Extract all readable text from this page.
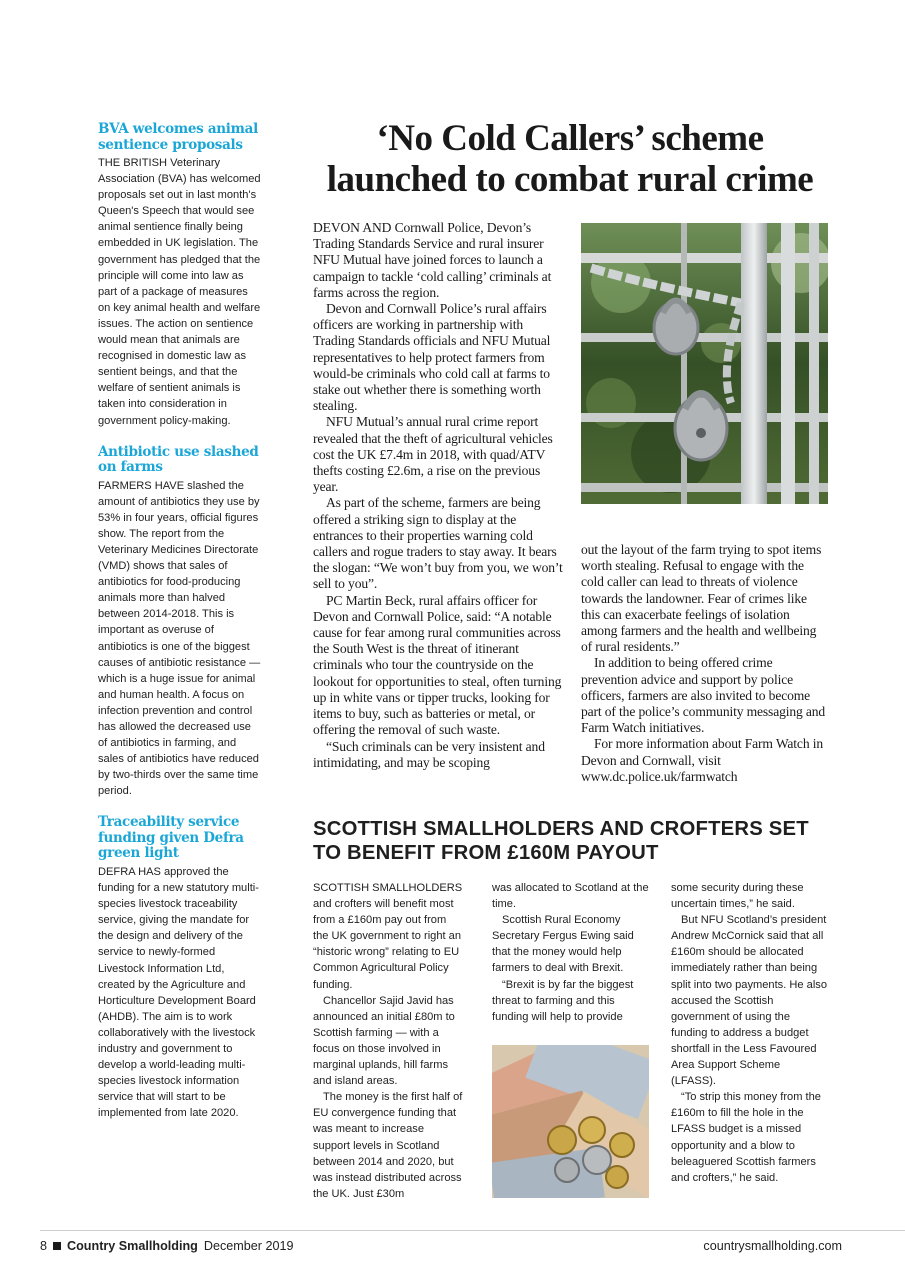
BVA welcomes animal sentience proposals

THE BRITISH Veterinary Association (BVA) has welcomed proposals set out in last month's Queen's Speech that would see animal sentience finally being embedded in UK legislation. The government has pledged that the principle will come into law as part of a package of measures on key animal health and welfare issues. The action on sentience would mean that animals are recognised in domestic law as sentient beings, and that the welfare of sentient animals is taken into consideration in government policy-making.

Antibiotic use slashed on farms

FARMERS HAVE slashed the amount of antibiotics they use by 53% in four years, official figures show. The report from the Veterinary Medicines Directorate (VMD) shows that sales of antibiotics for food-producing animals more than halved between 2014-2018. This is important as overuse of antibiotics is one of the biggest causes of antibiotic resistance — which is a huge issue for animal and human health. A focus on infection prevention and control has allowed the decreased use of antibiotics in farming, and sales of antibiotics have reduced by two-thirds over the same time period.

Traceability service funding given Defra green light

DEFRA HAS approved the funding for a new statutory multi-species livestock traceability service, giving the mandate for the design and delivery of the service to newly-formed Livestock Information Ltd, created by the Agriculture and Horticulture Development Board (AHDB). The aim is to work collaboratively with the livestock industry and government to develop a world-leading multi-species livestock information service that will start to be implemented from late 2020.

‘No Cold Callers’ scheme launched to combat rural crime

DEVON AND Cornwall Police, Devon’s Trading Standards Service and rural insurer NFU Mutual have joined forces to launch a campaign to tackle ‘cold calling’ criminals at farms across the region.

Devon and Cornwall Police’s rural affairs officers are working in partnership with Trading Standards officials and NFU Mutual representatives to help protect farmers from would-be criminals who cold call at farms to stake out whether there is something worth stealing.

NFU Mutual’s annual rural crime report revealed that the theft of agricultural vehicles cost the UK £7.4m in 2018, with quad/ATV thefts costing £2.6m, a rise on the previous year.

As part of the scheme, farmers are being offered a striking sign to display at the entrances to their properties warning cold callers and rogue traders to stay away. It bears the slogan: “We won’t buy from you, we won’t sell to you”.

PC Martin Beck, rural affairs officer for Devon and Cornwall Police, said: “A notable cause for fear among rural communities across the South West is the threat of itinerant criminals who tour the countryside on the lookout for opportunities to steal, often turning up in white vans or tipper trucks, looking for items to buy, such as batteries or metal, or offering the removal of such waste.

“Such criminals can be very insistent and intimidating, and may be scoping

out the layout of the farm trying to spot items worth stealing. Refusal to engage with the cold caller can lead to threats of violence towards the landowner. Fear of crimes like this can exacerbate feelings of isolation among farmers and the health and wellbeing of rural residents.”

In addition to being offered crime prevention advice and support by police officers, farmers are also invited to become part of the police’s community messaging and Farm Watch initiatives.

For more information about Farm Watch in Devon and Cornwall, visit www.dc.police.uk/farmwatch

SCOTTISH SMALLHOLDERS AND CROFTERS SET TO BENEFIT FROM £160M PAYOUT

SCOTTISH SMALLHOLDERS and crofters will benefit most from a £160m pay out from the UK government to right an “historic wrong” relating to EU Common Agricultural Policy funding.

Chancellor Sajid Javid has announced an initial £80m to Scottish farming — with a focus on those involved in marginal uplands, hill farms and island areas.

The money is the first half of EU convergence funding that was meant to increase support levels in Scotland between 2014 and 2020, but was instead distributed across the UK. Just £30m

was allocated to Scotland at the time.

Scottish Rural Economy Secretary Fergus Ewing said that the money would help farmers to deal with Brexit.

“Brexit is by far the biggest threat to farming and this funding will help to provide

some security during these uncertain times,” he said.

But NFU Scotland’s president Andrew McCornick said that all £160m should be allocated immediately rather than being split into two payments. He also accused the Scottish government of using the funding to address a budget shortfall in the Less Favoured Area Support Scheme (LFASS).

“To strip this money from the £160m to fill the hole in the LFASS budget is a missed opportunity and a blow to beleaguered Scottish farmers and crofters,” he said.

8 Country Smallholding December 2019	countrysmallholding.com
